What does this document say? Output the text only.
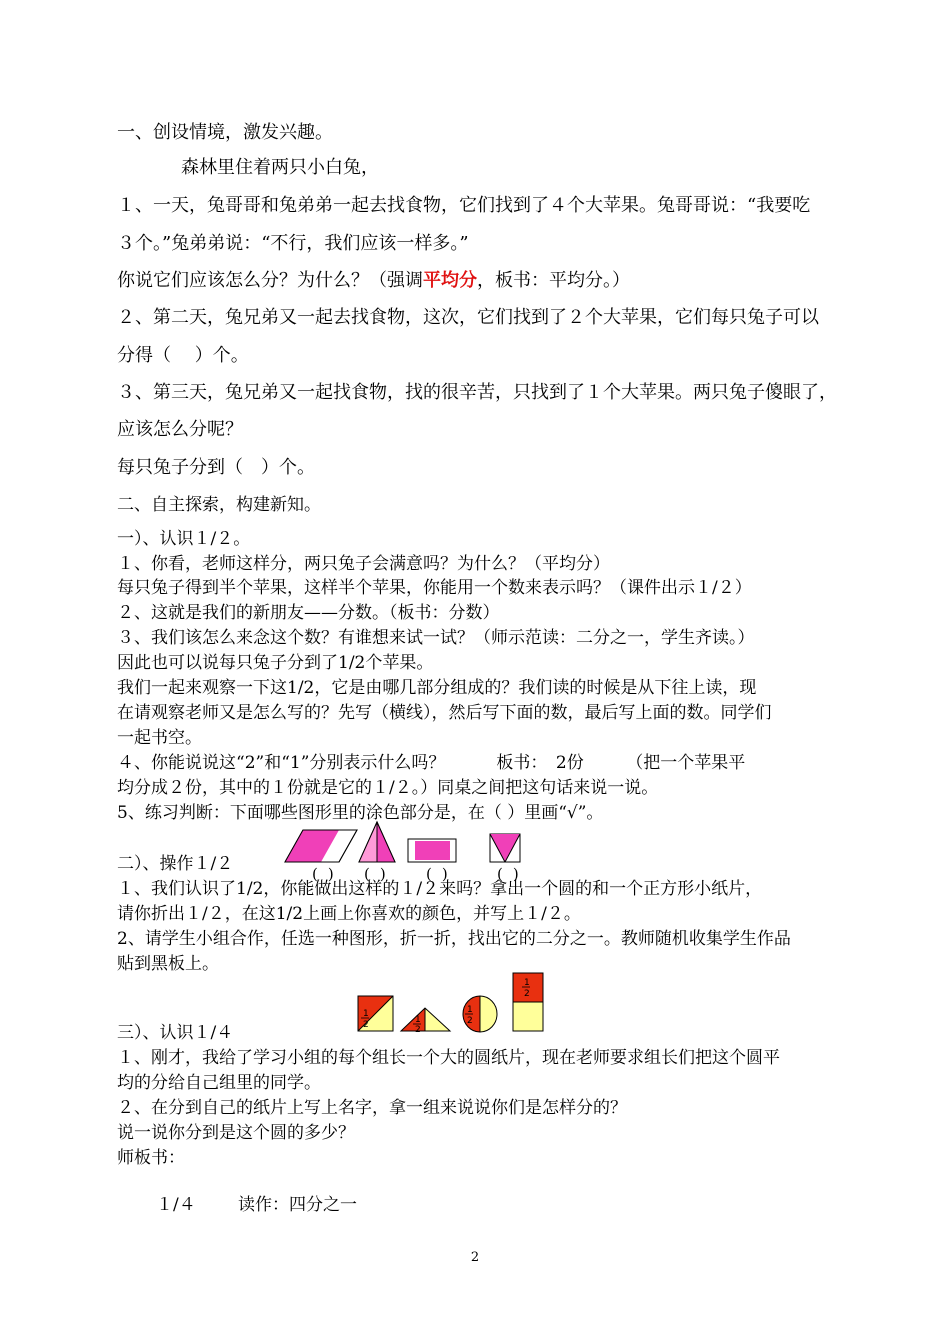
一、创设情境，激发兴趣。
森林里住着两只小白兔，
１、一天，兔哥哥和兔弟弟一起去找食物，它们找到了４个大苹果。兔哥哥说：“我要吃
３个。”兔弟弟说：“不行，我们应该一样多。”
你说它们应该怎么分？为什么？（强调平均分，板书：平均分。）
２、第二天，兔兄弟又一起去找食物，这次，它们找到了２个大苹果，它们每只兔子可以
分得（　 ）个。
３、第三天，兔兄弟又一起找食物，找的很辛苦，只找到了１个大苹果。两只兔子傻眼了，
应该怎么分呢？
每只兔子分到（　）个。
二、自主探索，构建新知。
一）、认识１/２。
１、你看，老师这样分，两只兔子会满意吗？为什么？（平均分）
每只兔子得到半个苹果，这样半个苹果，你能用一个数来表示吗？（课件出示１/２）
２、这就是我们的新朋友——分数。（板书：分数）
３、我们该怎么来念这个数？有谁想来试一试？（师示范读：二分之一，学生齐读。）
因此也可以说每只兔子分到了1/2个苹果。
我们一起来观察一下这1/2，它是由哪几部分组成的？我们读的时候是从下往上读，现
在请观察老师又是怎么写的？先写（横线），然后写下面的数，最后写上面的数。同学们
一起书空。
４、你能说说这“2”和“1”分别表示什么吗？　　　板书：　2份　　　（把一个苹果平
均分成２份，其中的１份就是它的１/２。）同桌之间把这句话来说一说。
5、练习判断：下面哪些图形里的涂色部分是，在（ ）里画“√”。
二）、操作１/２	( ) ( )	( )	( )
１、我们认识了1/2，你能做出这样的１/２来吗？拿出一个圆的和一个正方形小纸片，
请你折出１/２，在这1/2上画上你喜欢的颜色，并写上１/２。
2、请学生小组合作，任选一种图形，折一折，找出它的二分之一。教师随机收集学生作品
贴到黑板上。
1
2	1
2
1
2
1
2
三）、认识１/４
１、刚才，我给了学习小组的每个组长一个大的圆纸片，现在老师要求组长们把这个圆平
均的分给自己组里的同学。
２、在分到自己的纸片上写上名字，拿一组来说说你们是怎样分的？
说一说你分到是这个圆的多少？
师板书：
１/４ 读作：四分之一
2
